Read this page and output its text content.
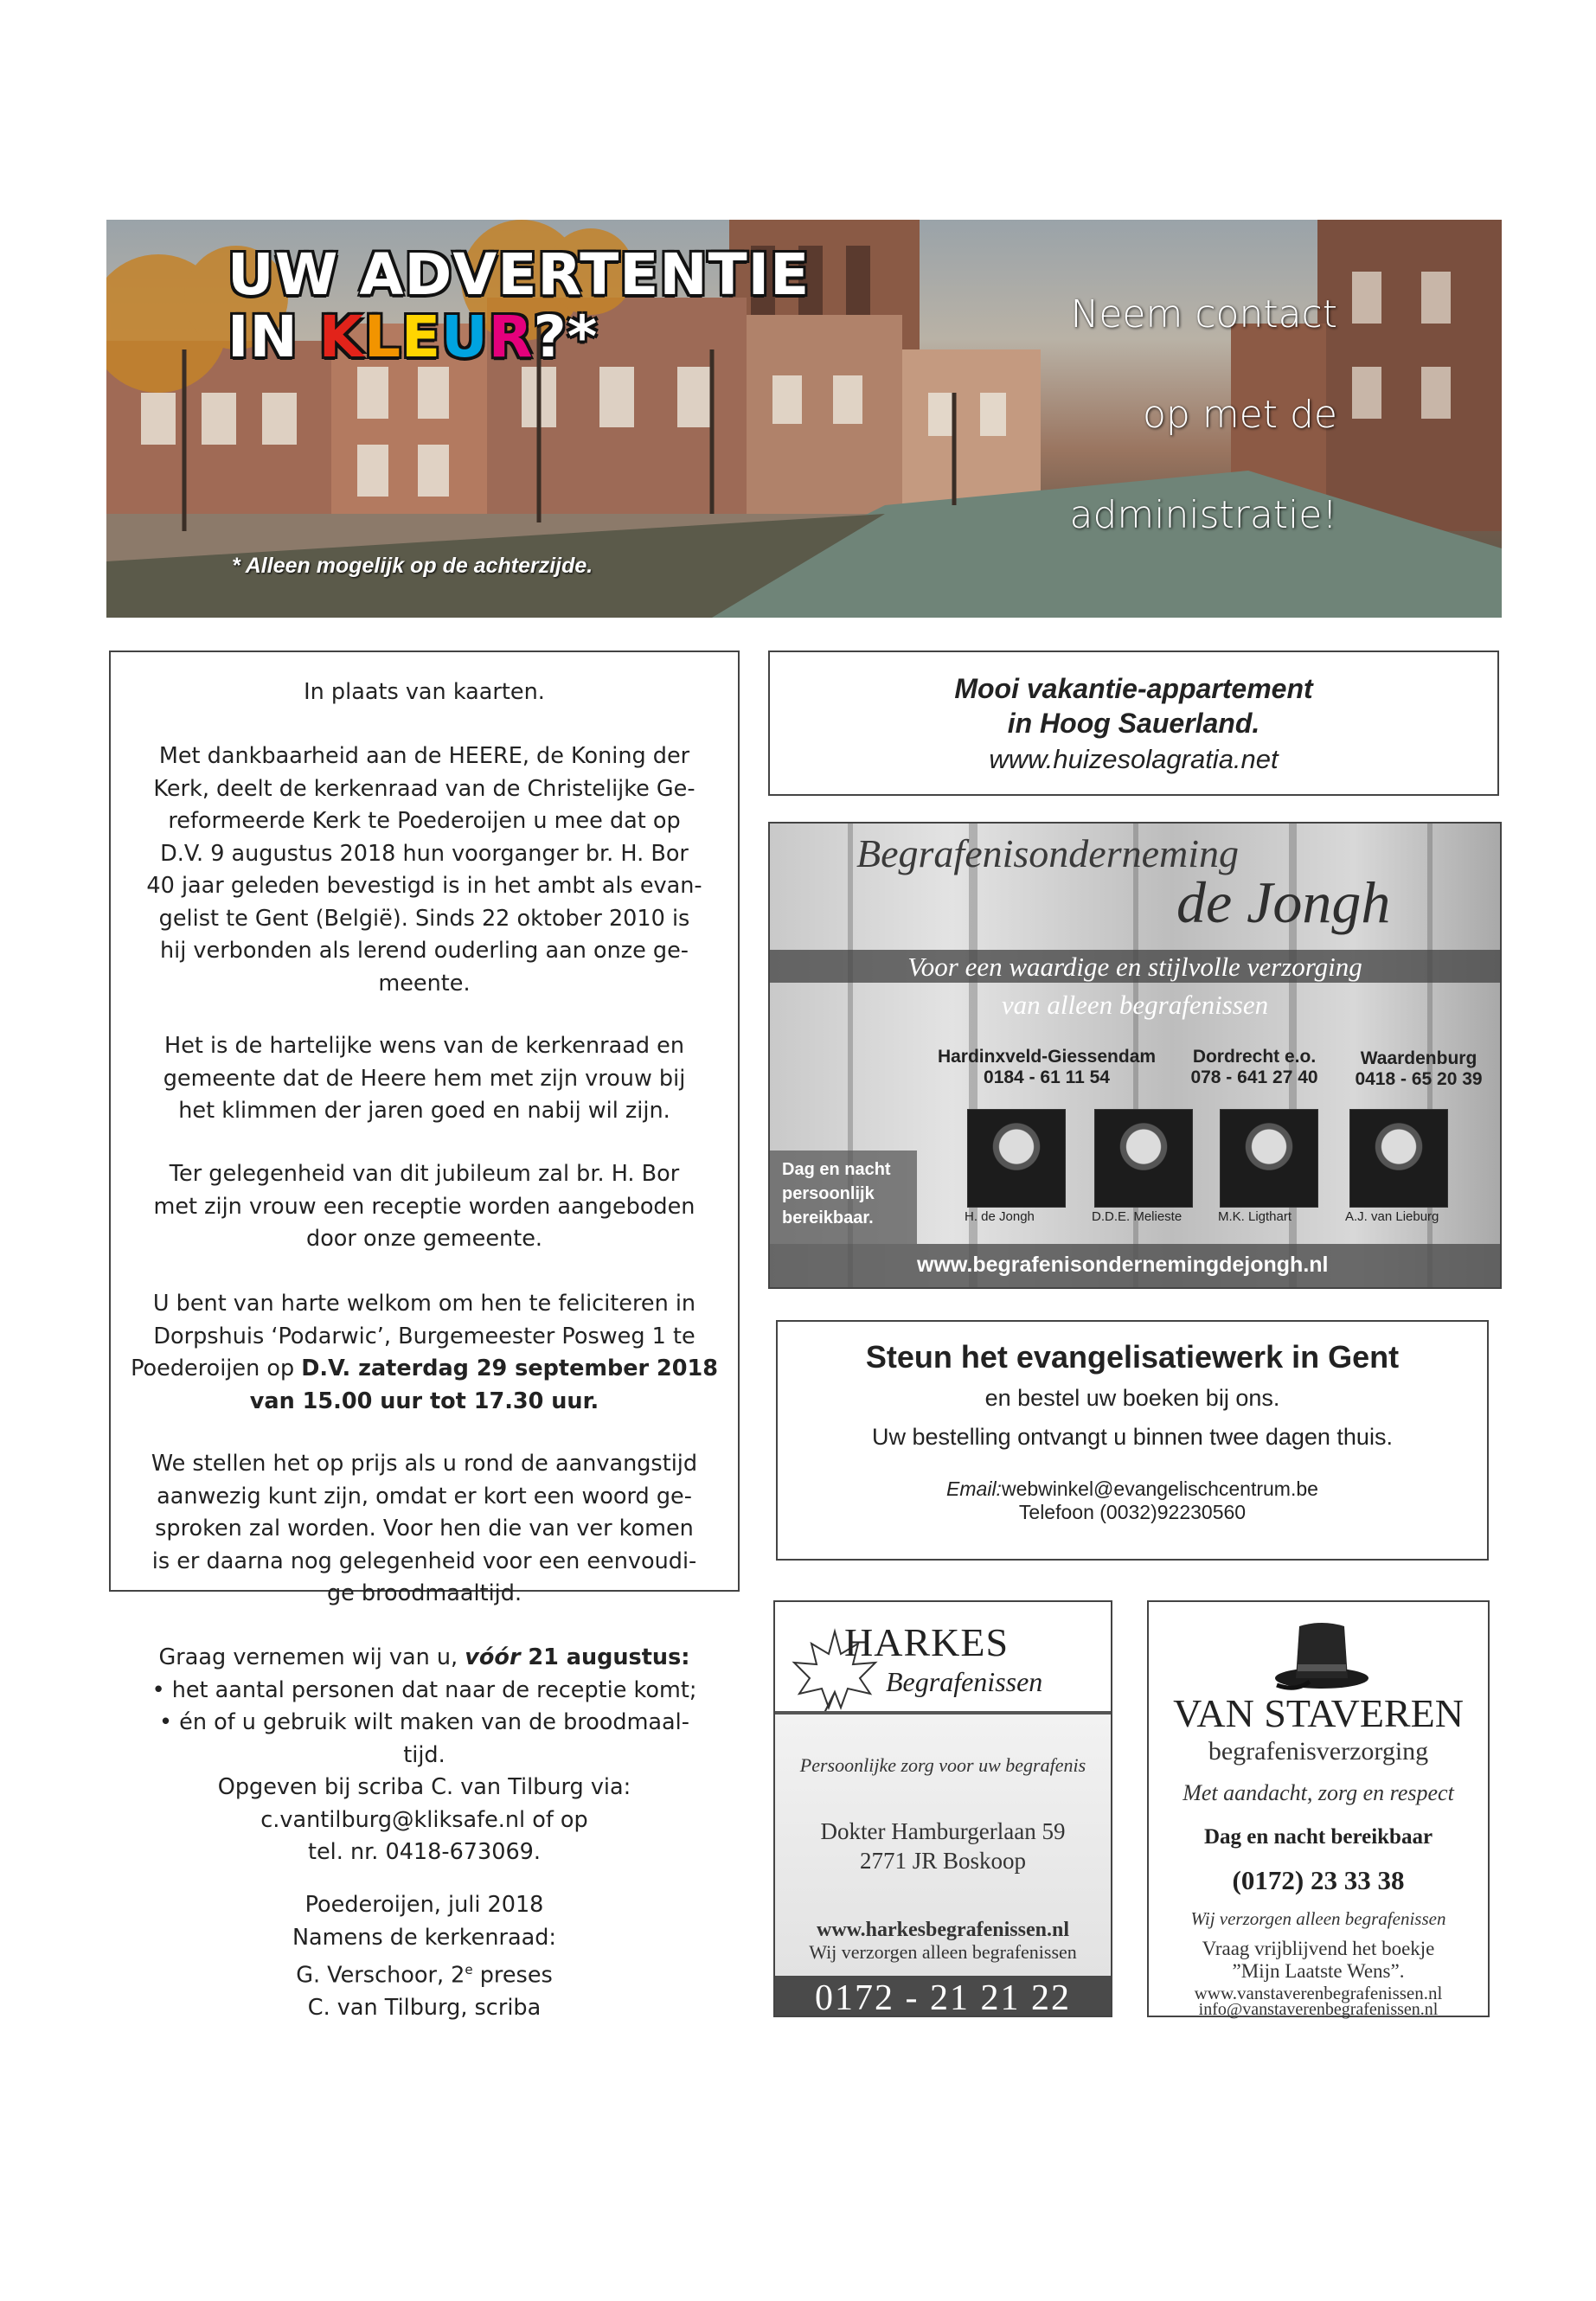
UW ADVERTENTIE
IN KLEUR?*
* Alleen mogelijk op de achterzijde.
Neem contact
op met de
administratie!
In plaats van kaarten.

Met dankbaarheid aan de HEERE, de Koning der

Kerk, deelt de kerkenraad van de Christelijke Ge-

reformeerde Kerk te Poederoijen u mee dat op

D.V. 9 augustus 2018 hun voorganger br. H. Bor

40 jaar geleden bevestigd is in het ambt als evan-

gelist te Gent (België). Sinds 22 oktober 2010 is

hij verbonden als lerend ouderling aan onze ge-

meente.

Het is de hartelijke wens van de kerkenraad en

gemeente dat de Heere hem met zijn vrouw bij

het klimmen der jaren goed en nabij wil zijn.

Ter gelegenheid van dit jubileum zal br. H. Bor

met zijn vrouw een receptie worden aangeboden

door onze gemeente.

U bent van harte welkom om hen te feliciteren in

Dorpshuis ‘Podarwic’, Burgemeester Posweg 1 te

Poederoijen op D.V. zaterdag 29 september 2018

van 15.00 uur tot 17.30 uur.

We stellen het op prijs als u rond de aanvangstijd

aanwezig kunt zijn, omdat er kort een woord ge-

sproken zal worden. Voor hen die van ver komen

is er daarna nog gelegenheid voor een eenvoudi-

ge broodmaaltijd.

Graag vernemen wij van u, vóór 21 augustus:

• het aantal personen dat naar de receptie komt;

• én of u gebruik wilt maken van de broodmaal-

tijd.

Opgeven bij scriba C. van Tilburg via:

c.vantilburg@kliksafe.nl of op

tel. nr. 0418-673069.

Poederoijen, juli 2018

Namens de kerkenraad:

G. Verschoor, 2e preses

C. van Tilburg, scriba

Mooi vakantie-appartement
in Hoog Sauerland.
www.huizesolagratia.net
Begrafenisonderneming
de Jongh
Voor een waardige en stijlvolle verzorging
van alleen begrafenissen
Hardinxveld-Giessendam
0184 - 61 11 54
Dordrecht e.o.
078 - 641 27 40
Waardenburg
0418 - 65 20 39
Dag en nacht
persoonlijk
bereikbaar.	H. de Jongh	D.D.E. Melieste	M.K. Ligthart	A.J. van Lieburg
www.begrafenisondernemingdejongh.nl
Steun het evangelisatiewerk in Gent
en bestel uw boeken bij ons.
Uw bestelling ontvangt u binnen twee dagen thuis.
Email:webwinkel@evangelischcentrum.be
Telefoon (0032)92230560
HARKES
Begrafenissen
Persoonlijke zorg voor uw begrafenis
Dokter Hamburgerlaan 59
2771 JR Boskoop
www.harkesbegrafenissen.nl
Wij verzorgen alleen begrafenissen
0172 - 21 21 22
VAN STAVEREN
begrafenisverzorging
Met aandacht, zorg en respect
Dag en nacht bereikbaar
(0172) 23 33 38
Wij verzorgen alleen begrafenissen
Vraag vrijblijvend het boekje
”Mijn Laatste Wens”.
www.vanstaverenbegrafenissen.nl
info@vanstaverenbegrafenissen.nl
